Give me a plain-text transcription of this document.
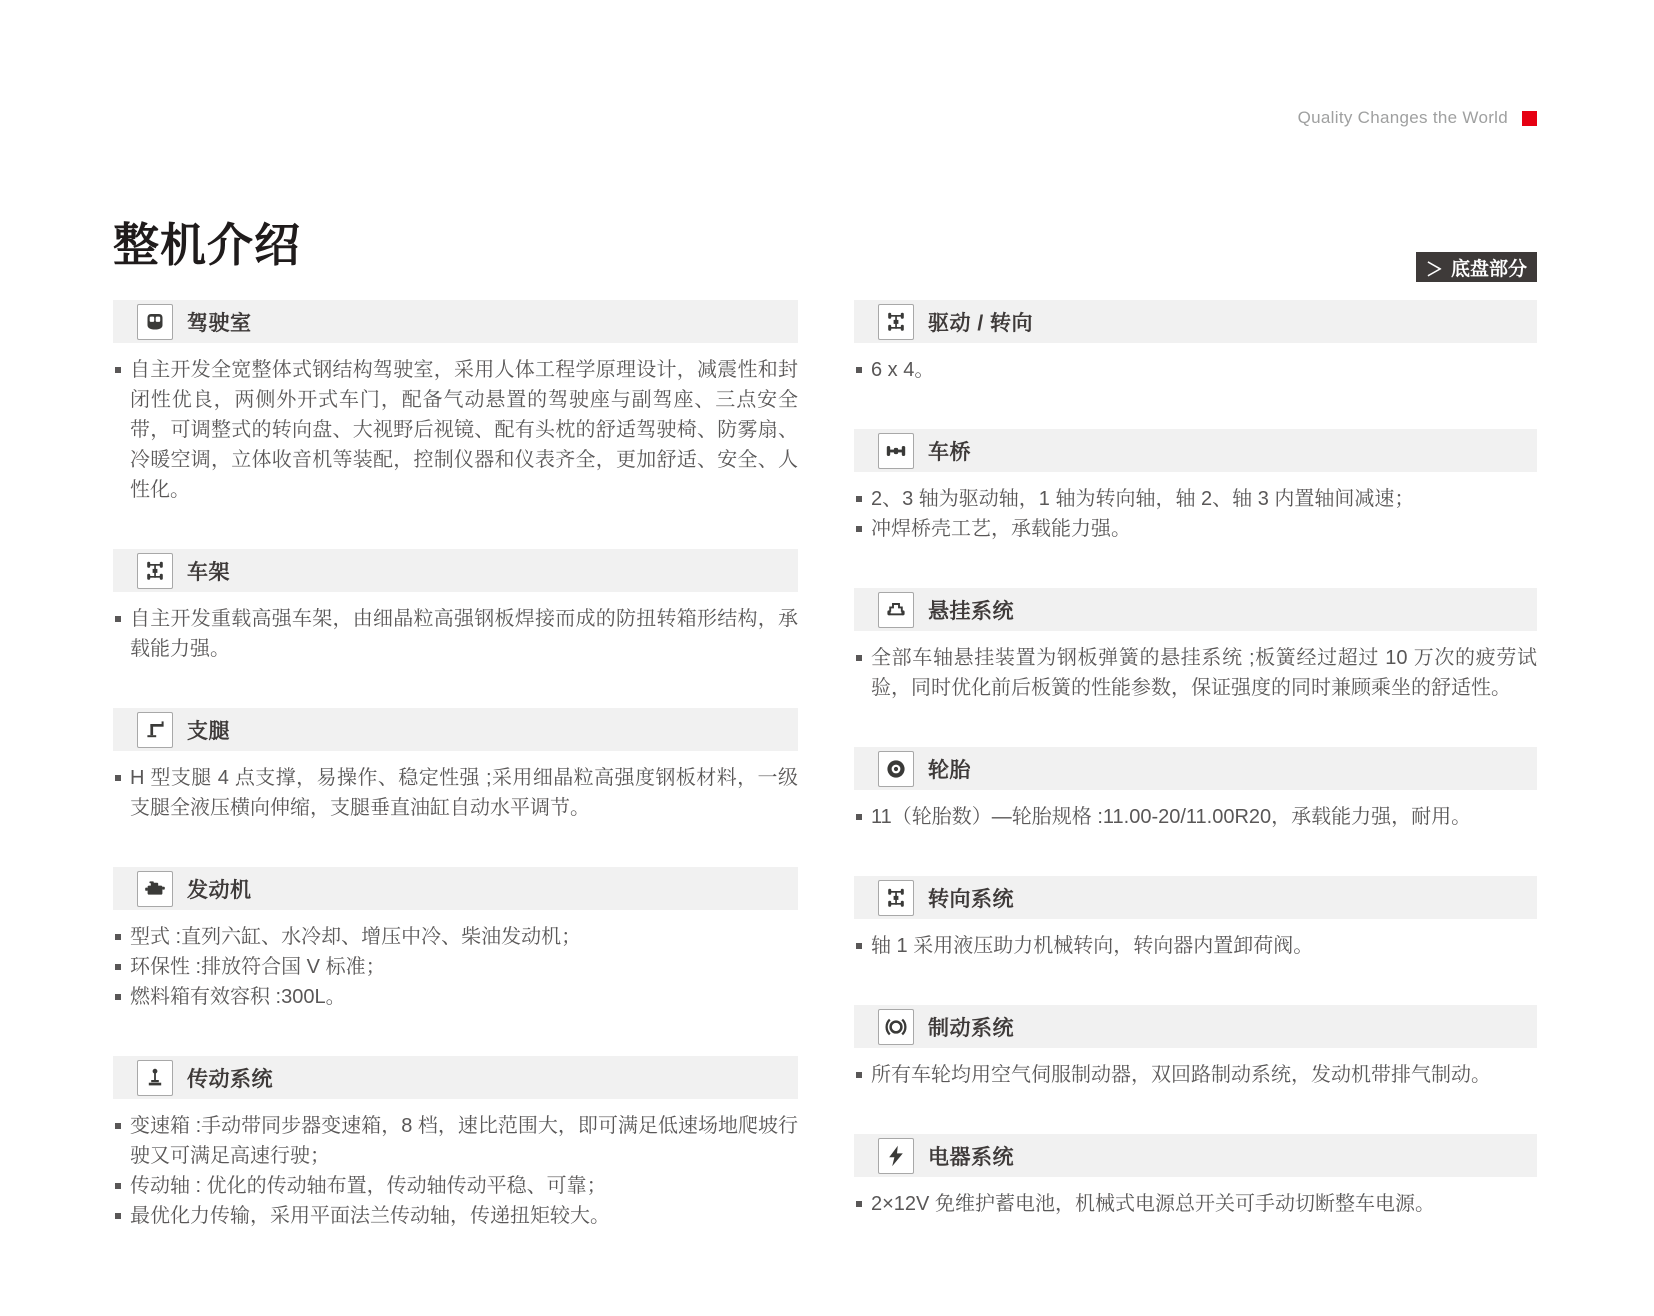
Quality Changes the World
整机介绍	＞ 底盘部分
驾驶室
自主开发全宽整体式钢结构驾驶室，采用人体工程学原理设计，减震性和封闭性优良，两侧外开式车门，配备气动悬置的驾驶座与副驾座、三点安全带，可调整式的转向盘、大视野后视镜、配有头枕的舒适驾驶椅、防雾扇、冷暖空调，立体收音机等装配，控制仪器和仪表齐全，更加舒适、安全、人性化。
车架
自主开发重载高强车架，由细晶粒高强钢板焊接而成的防扭转箱形结构，承载能力强。
支腿
H 型支腿 4 点支撑，易操作、稳定性强 ;采用细晶粒高强度钢板材料，一级支腿全液压横向伸缩，支腿垂直油缸自动水平调节。
发动机
型式 :直列六缸、水冷却、增压中冷、柴油发动机；
环保性 :排放符合国 V 标准；
燃料箱有效容积 :300L。
传动系统
变速箱 :手动带同步器变速箱，8 档，速比范围大，即可满足低速场地爬坡行驶又可满足高速行驶；
传动轴 : 优化的传动轴布置，传动轴传动平稳、可靠；
最优化力传输，采用平面法兰传动轴，传递扭矩较大。
驱动 / 转向
6 x 4。
车桥
2、3 轴为驱动轴，1 轴为转向轴，轴 2、轴 3 内置轴间减速；
冲焊桥壳工艺，承载能力强。
悬挂系统
全部车轴悬挂装置为钢板弹簧的悬挂系统 ;板簧经过超过 10 万次的疲劳试验，同时优化前后板簧的性能参数，保证强度的同时兼顾乘坐的舒适性。
轮胎
11（轮胎数）—轮胎规格 :11.00-20/11.00R20，承载能力强，耐用。
转向系统
轴 1 采用液压助力机械转向，转向器内置卸荷阀。
制动系统
所有车轮均用空气伺服制动器，双回路制动系统，发动机带排气制动。
电器系统
2×12V 免维护蓄电池，机械式电源总开关可手动切断整车电源。
